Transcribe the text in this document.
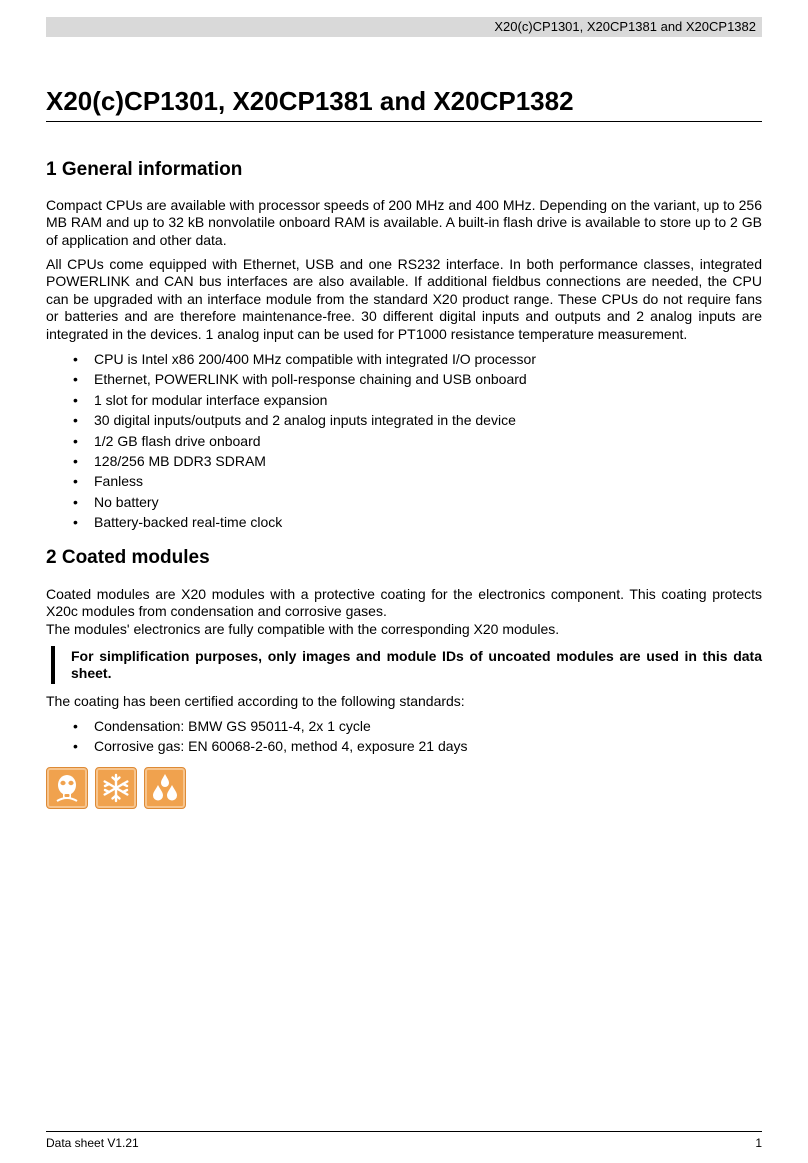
X20(c)CP1301, X20CP1381 and X20CP1382
X20(c)CP1301, X20CP1381 and X20CP1382
1 General information

Compact CPUs are available with processor speeds of 200 MHz and 400 MHz. Depending on the variant, up to 256 MB RAM and up to 32 kB nonvolatile onboard RAM is available. A built-in flash drive is available to store up to 2 GB of application and other data.

All CPUs come equipped with Ethernet, USB and one RS232 interface. In both performance classes, integrated POWERLINK and CAN bus interfaces are also available. If additional fieldbus connections are needed, the CPU can be upgraded with an interface module from the standard X20 product range. These CPUs do not require fans or batteries and are therefore maintenance-free. 30 different digital inputs and outputs and 2 analog inputs are integrated in the devices. 1 analog input can be used for PT1000 resistance temperature measurement.

• CPU is Intel x86 200/400 MHz compatible with integrated I/O processor
• Ethernet, POWERLINK with poll-response chaining and USB onboard
• 1 slot for modular interface expansion
• 30 digital inputs/outputs and 2 analog inputs integrated in the device
• 1/2 GB flash drive onboard
• 128/256 MB DDR3 SDRAM
• Fanless
• No battery
• Battery-backed real-time clock
2 Coated modules

Coated modules are X20 modules with a protective coating for the electronics component. This coating protects X20c modules from condensation and corrosive gases.

The modules' electronics are fully compatible with the corresponding X20 modules.

For simplification purposes, only images and module IDs of uncoated modules are used in this data sheet.

The coating has been certified according to the following standards:

• Condensation: BMW GS 95011-4, 2x 1 cycle
• Corrosive gas: EN 60068-2-60, method 4, exposure 21 days
Data sheet V1.21	1
